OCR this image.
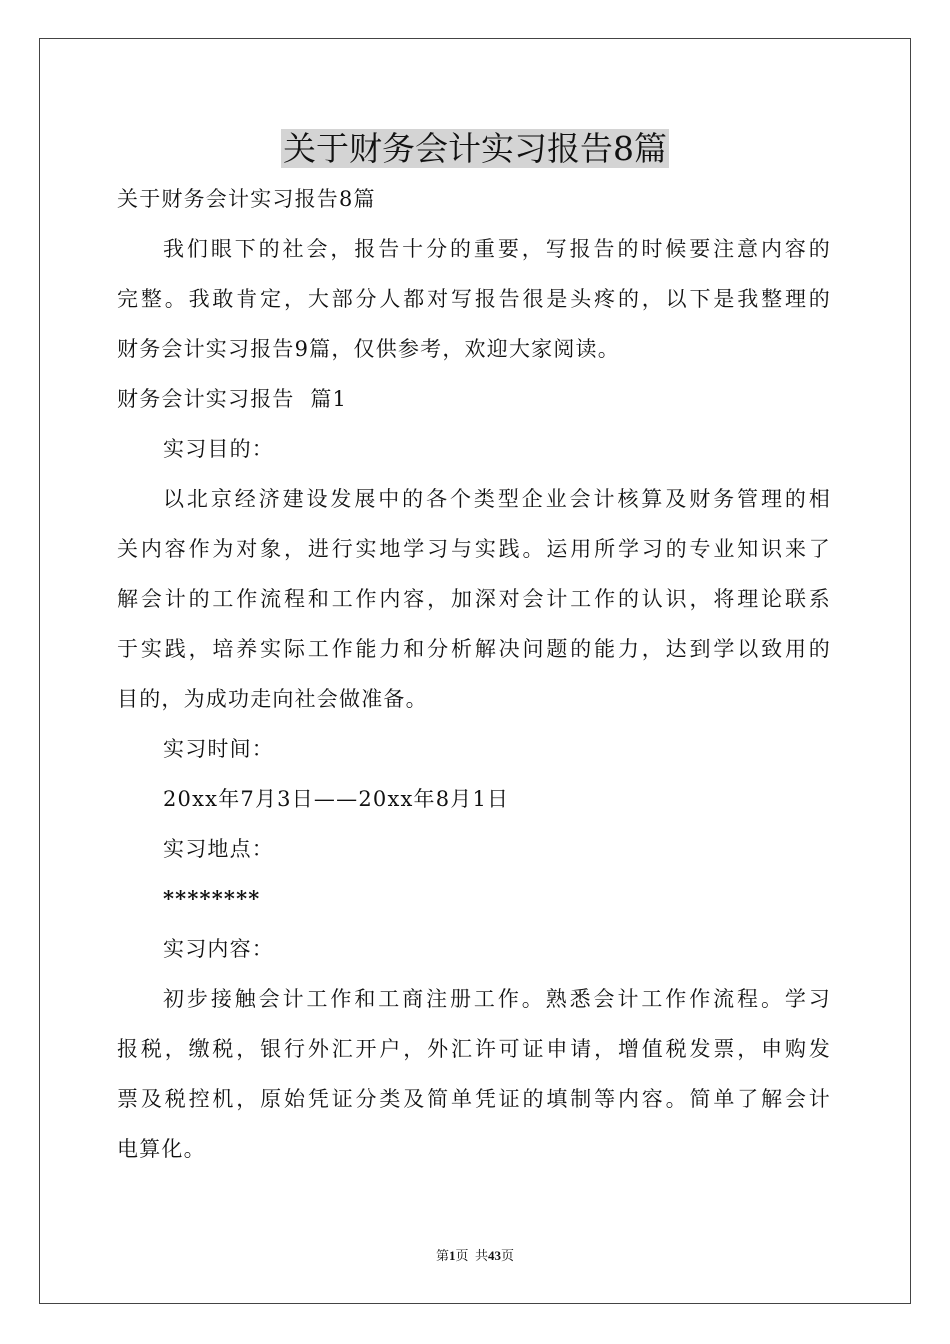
关于财务会计实习报告8篇
关于财务会计实习报告8篇
我们眼下的社会，报告十分的重要，写报告的时候要注意内容的
完整。我敢肯定，大部分人都对写报告很是头疼的，以下是我整理的
财务会计实习报告9篇，仅供参考，欢迎大家阅读。
财务会计实习报告  篇1
实习目的：
以北京经济建设发展中的各个类型企业会计核算及财务管理的相
关内容作为对象，进行实地学习与实践。运用所学习的专业知识来了
解会计的工作流程和工作内容，加深对会计工作的认识，将理论联系
于实践，培养实际工作能力和分析解决问题的能力，达到学以致用的
目的，为成功走向社会做准备。
实习时间：
20xx年7月3日——20xx年8月1日
实习地点：
********
实习内容：
初步接触会计工作和工商注册工作。熟悉会计工作作流程。学习
报税，缴税，银行外汇开户，外汇许可证申请，增值税发票，申购发
票及税控机，原始凭证分类及简单凭证的填制等内容。简单了解会计
电算化。
第1页  共43页
